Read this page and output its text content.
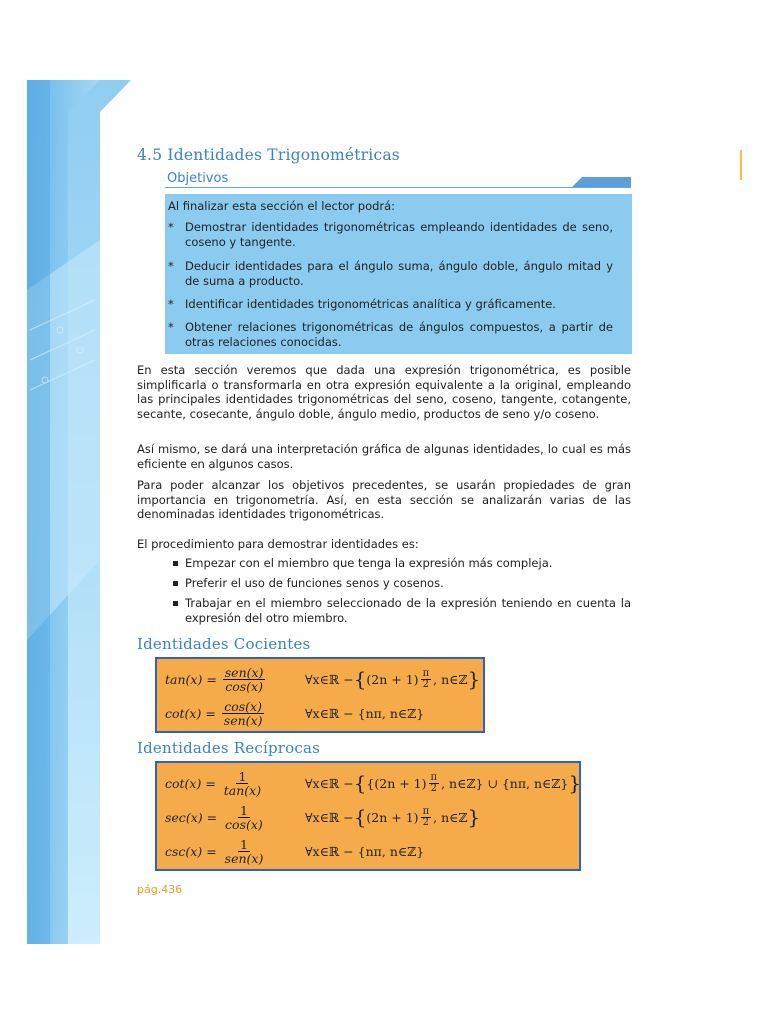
4.5 Identidades Trigonométricas
Objetivos
Al finalizar esta sección el lector podrá:
* Demostrar identidades trigonométricas empleando identidades de seno, coseno y tangente.
* Deducir identidades para el ángulo suma, ángulo doble, ángulo mitad y de suma a producto.
* Identificar identidades trigonométricas analítica y gráficamente.
* Obtener relaciones trigonométricas de ángulos compuestos, a partir de otras relaciones conocidas.
En esta sección veremos que dada una expresión trigonométrica, es posible simplificarla o transformarla en otra expresión equivalente a la original, empleando las principales identidades trigonométricas del seno, coseno, tangente, cotangente, secante, cosecante, ángulo doble, ángulo medio, productos de seno y/o coseno.
Así mismo, se dará una interpretación gráfica de algunas identidades, lo cual es más eficiente en algunos casos.
Para poder alcanzar los objetivos precedentes, se usarán propiedades de gran importancia en trigonometría. Así, en esta sección se analizarán varias de las denominadas identidades trigonométricas.
El procedimiento para demostrar identidades es:
Empezar con el miembro que tenga la expresión más compleja.
Preferir el uso de funciones senos y cosenos.
Trabajar en el miembro seleccionado de la expresión teniendo en cuenta la expresión del otro miembro.
Identidades Cocientes
$\tan(x) = \frac{\text{sen(x)}}{\cos(x)}$	∀x∈ℝ − { $(2n + 1) \frac{\pi}{2}$ , n∈ℤ }
$\cot(x) = \frac{\cos(x)}{\text{sen(x)}}$	∀x∈ℝ − {nπ, n∈ℤ}
Identidades Recíprocas
$\cot(x) = \frac{1}{\tan(x)}$	∀x∈ℝ − { {$(2n + 1) \frac{\pi}{2}$ , n∈ℤ} ∪ {nπ, n∈ℤ} }
$\sec(x) = \frac{1}{\cos(x)}$	∀x∈ℝ − { $(2n + 1) \frac{\pi}{2}$ , n∈ℤ }
$\csc(x) = \frac{1}{\text{sen(x)}}$	∀x∈ℝ − {nπ, n∈ℤ}
pág.436
